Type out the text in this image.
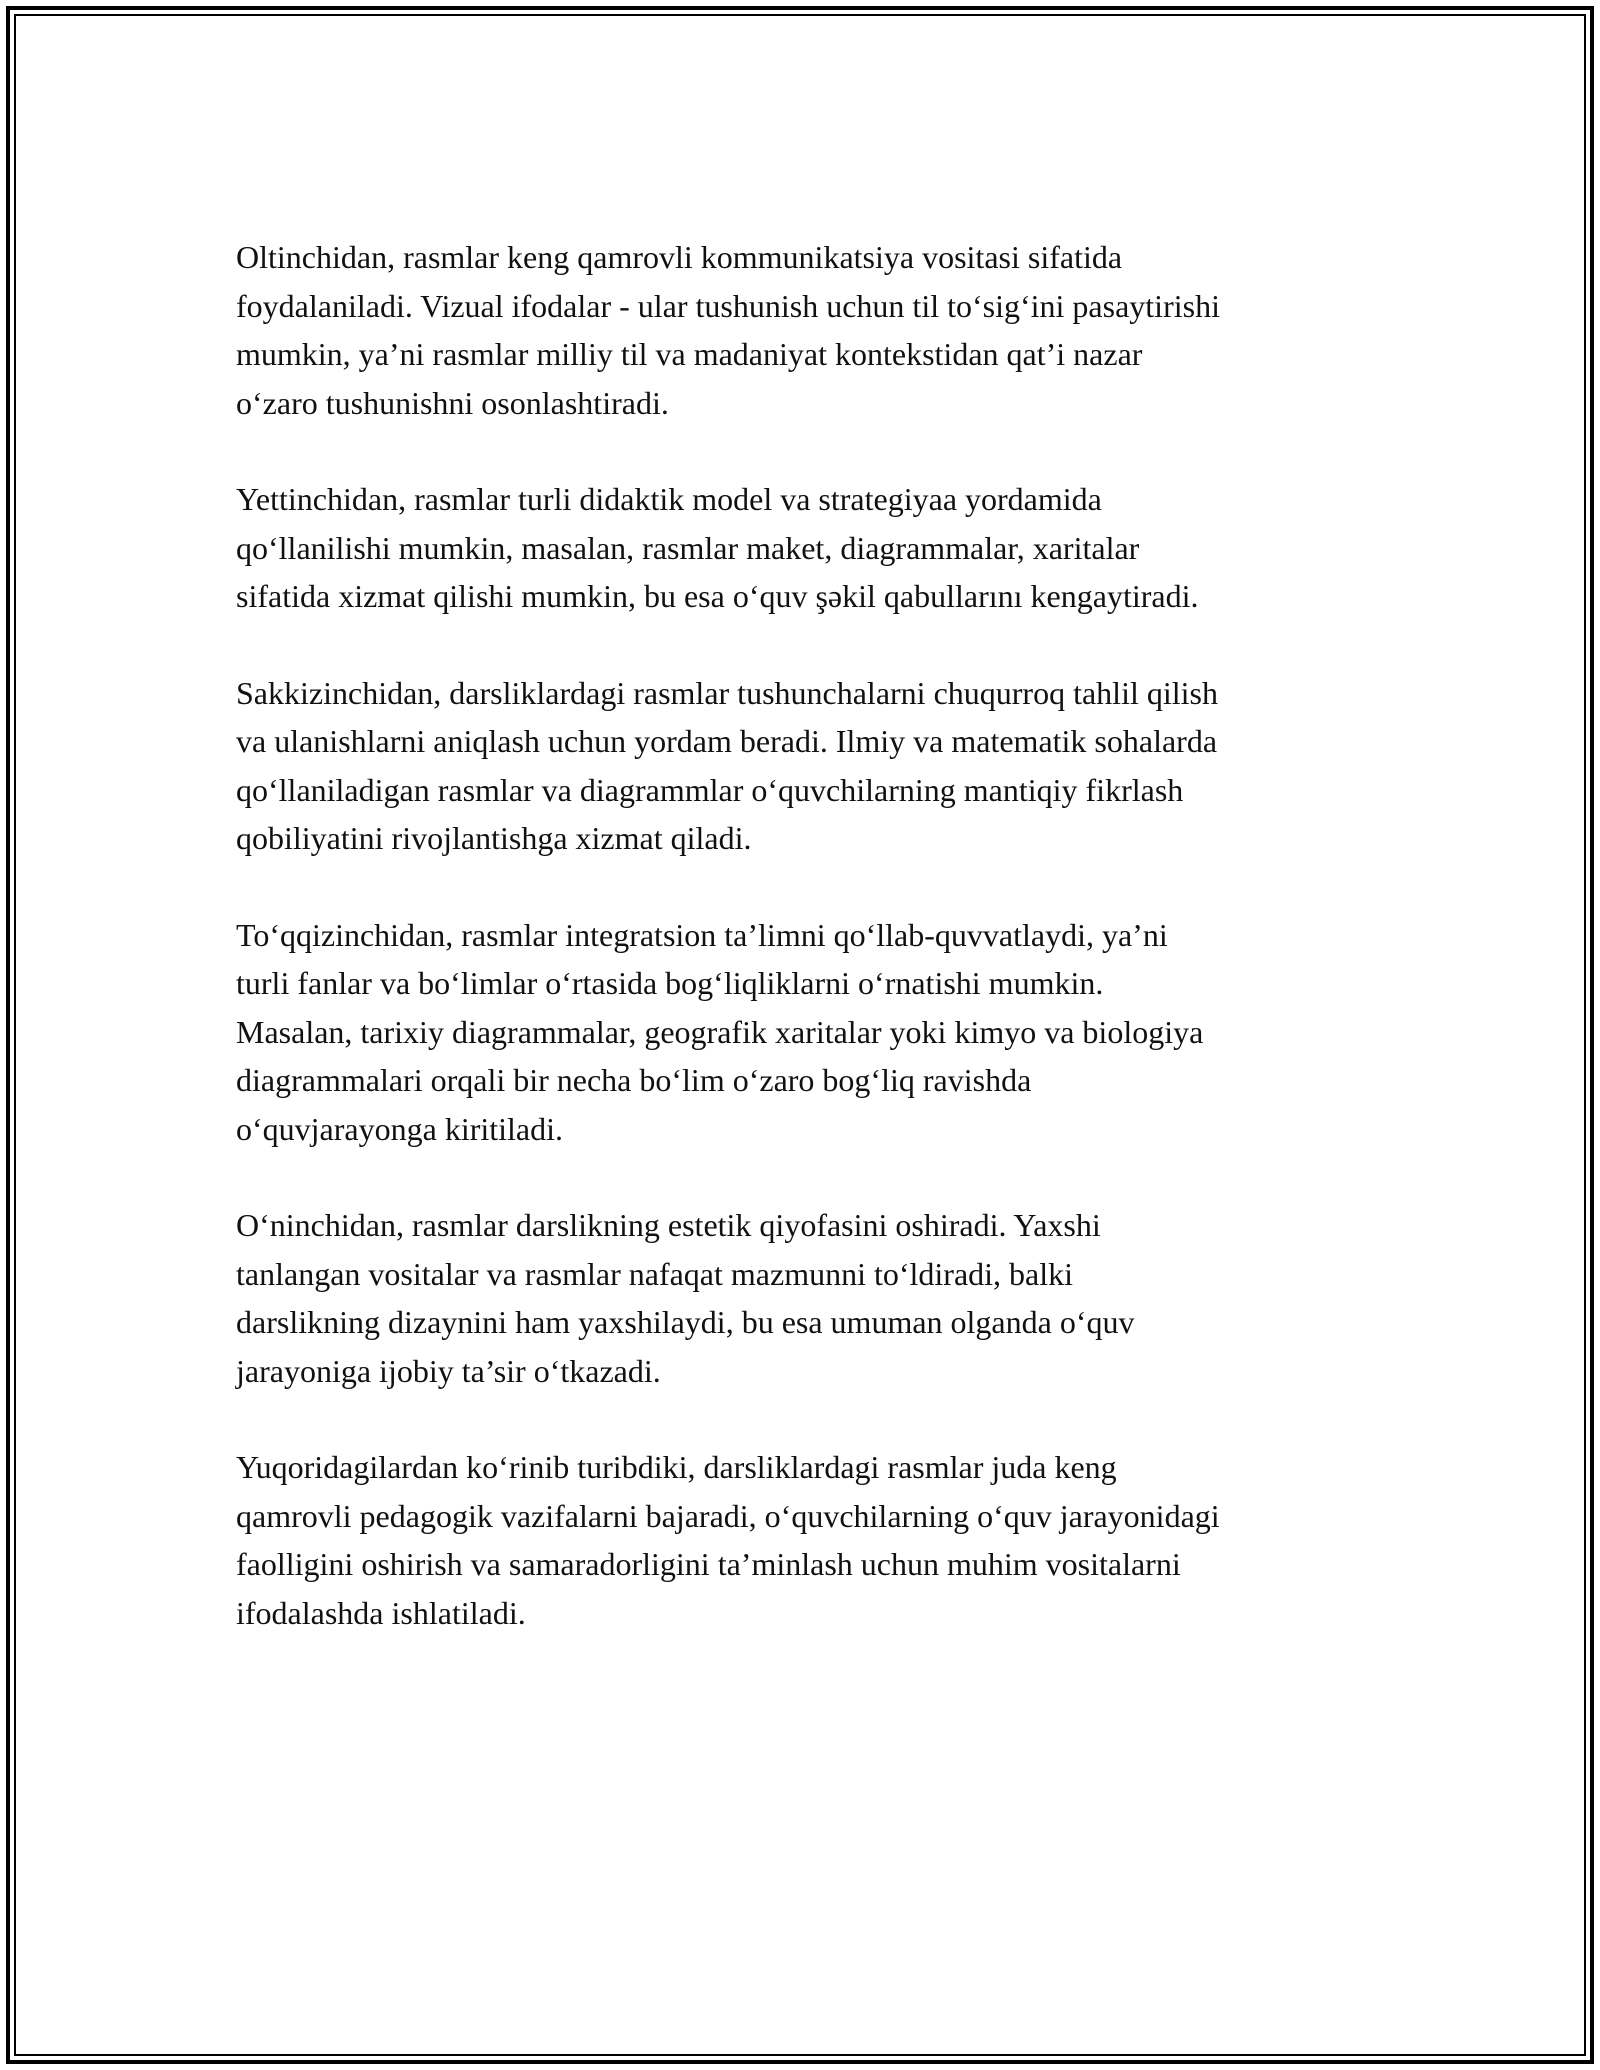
Oltinchidan, rasmlar keng qamrovli kommunikatsiya vositasi sifatida
foydalaniladi. Vizual ifodalar - ular tushunish uchun til to‘sig‘ini pasaytirishi
mumkin, ya’ni rasmlar milliy til va madaniyat kontekstidan qat’i nazar
o‘zaro tushunishni osonlashtiradi.

Yettinchidan, rasmlar turli didaktik model va strategiyaa yordamida
qo‘llanilishi mumkin, masalan, rasmlar maket, diagrammalar, xaritalar
sifatida xizmat qilishi mumkin, bu esa o‘quv şəkil qabullarını kengaytiradi.

Sakkizinchidan, darsliklardagi rasmlar tushunchalarni chuqurroq tahlil qilish
va ulanishlarni aniqlash uchun yordam beradi. Ilmiy va matematik sohalarda
qo‘llaniladigan rasmlar va diagrammlar o‘quvchilarning mantiqiy fikrlash
qobiliyatini rivojlantishga xizmat qiladi.

To‘qqizinchidan, rasmlar integratsion ta’limni qo‘llab-quvvatlaydi, ya’ni
turli fanlar va bo‘limlar o‘rtasida bog‘liqliklarni o‘rnatishi mumkin.
Masalan, tarixiy diagrammalar, geografik xaritalar yoki kimyo va biologiya
diagrammalari orqali bir necha bo‘lim o‘zaro bog‘liq ravishda
o‘quvjarayonga kiritiladi.

O‘ninchidan, rasmlar darslikning estetik qiyofasini oshiradi. Yaxshi
tanlangan vositalar va rasmlar nafaqat mazmunni to‘ldiradi, balki
darslikning dizaynini ham yaxshilaydi, bu esa umuman olganda o‘quv
jarayoniga ijobiy ta’sir o‘tkazadi.

Yuqoridagilardan ko‘rinib turibdiki, darsliklardagi rasmlar juda keng
qamrovli pedagogik vazifalarni bajaradi, o‘quvchilarning o‘quv jarayonidagi
faolligini oshirish va samaradorligini ta’minlash uchun muhim vositalarni
ifodalashda ishlatiladi.
